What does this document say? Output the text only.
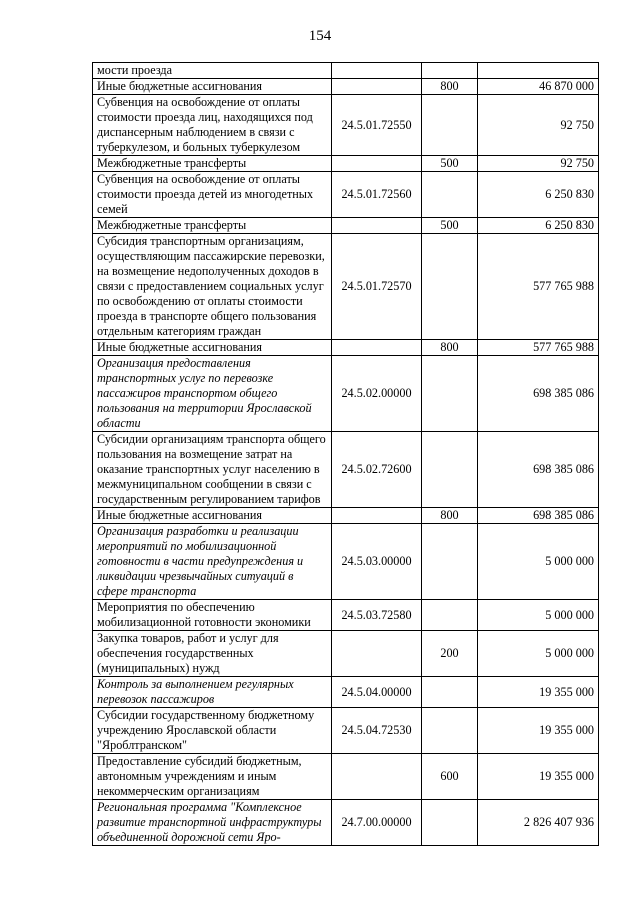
154
мости проезда			
Иные бюджетные ассигнования		800	46 870 000
Субвенция на освобождение от оплаты стоимости проезда лиц, находящихся под диспансерным наблюдением в связи с туберкулезом, и больных туберкулезом	24.5.01.72550		92 750
Межбюджетные трансферты		500	92 750
Субвенция на освобождение от оплаты стоимости проезда детей из многодетных семей	24.5.01.72560		6 250 830
Межбюджетные трансферты		500	6 250 830
Субсидия транспортным организациям, осуществляющим пассажирские перевозки, на возмещение недополученных доходов в связи с предоставлением социальных услуг по освобождению от оплаты стоимости проезда в транспорте общего пользования отдельным категориям граждан	24.5.01.72570		577 765 988
Иные бюджетные ассигнования		800	577 765 988
Организация предоставления транспортных услуг по перевозке пассажиров транспортом общего пользования на территории Ярославской области	24.5.02.00000		698 385 086
Субсидии организациям транспорта общего пользования на возмещение затрат на оказание транспортных услуг населению в межмуниципальном сообщении в связи с государственным регулированием тарифов	24.5.02.72600		698 385 086
Иные бюджетные ассигнования		800	698 385 086
Организация разработки и реализации мероприятий по мобилизационной готовности в части предупреждения и ликвидации чрезвычайных ситуаций в сфере транспорта	24.5.03.00000		5 000 000
Мероприятия по обеспечению мобилизационной готовности экономики	24.5.03.72580		5 000 000
Закупка товаров, работ и услуг для обеспечения государственных (муниципальных) нужд		200	5 000 000
Контроль за выполнением регулярных перевозок пассажиров	24.5.04.00000		19 355 000
Субсидии государственному бюджетному учреждению Ярославской области "Яроблтранском"	24.5.04.72530		19 355 000
Предоставление субсидий бюджетным, автономным учреждениям и иным некоммерческим организациям		600	19 355 000
Региональная программа "Комплексное развитие транспортной инфраструктуры объединенной дорожной сети Яро-	24.7.00.00000		2 826 407 936
